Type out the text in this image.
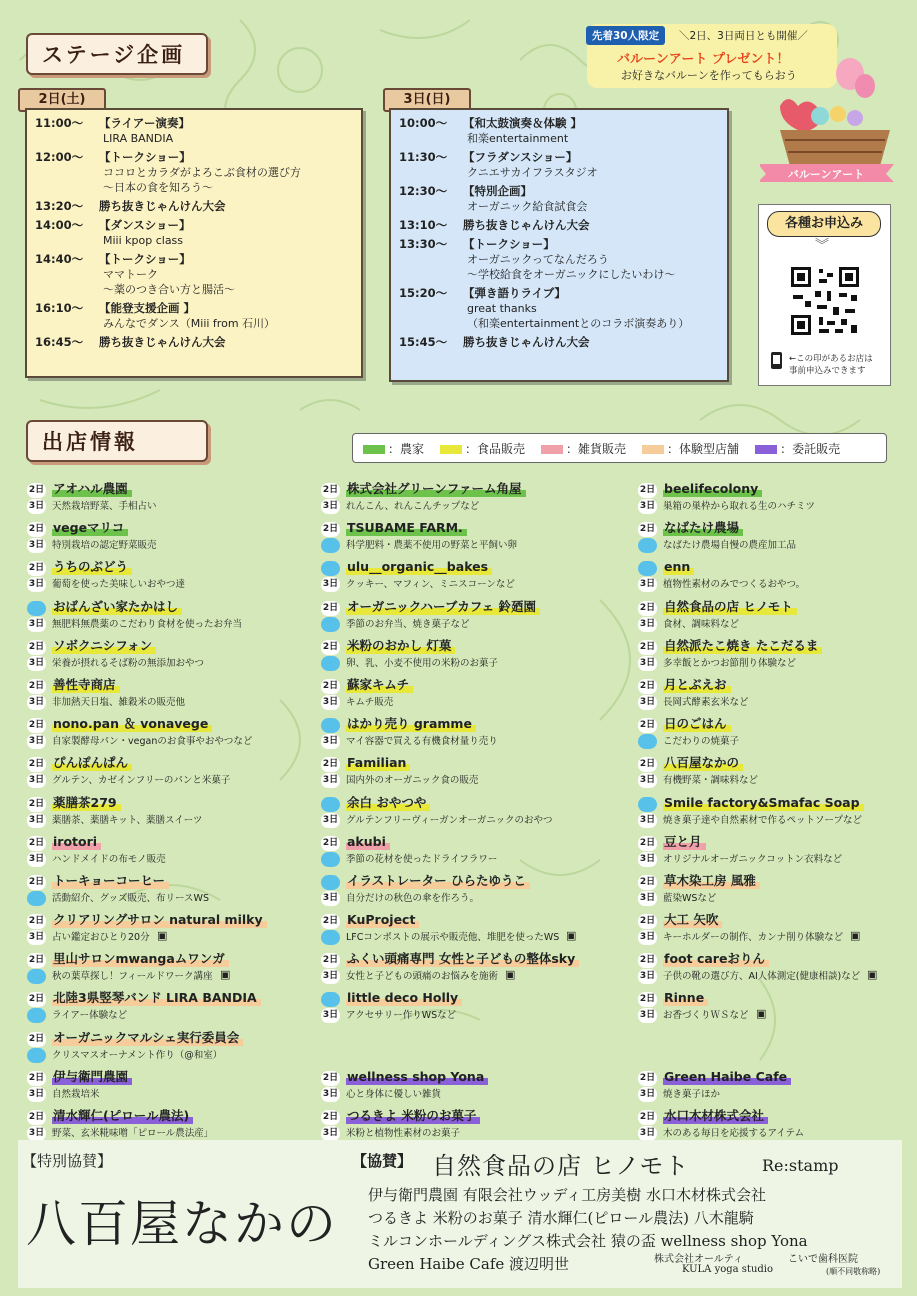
ステージ企画
2日(土)
11:00〜	【ライアー演奏】
LIRA BANDIA
12:00〜	【トークショー】
ココロとカラダがよろこぶ食材の選び方
〜日本の食を知ろう〜
13:20〜	勝ち抜きじゃんけん大会
14:00〜	【ダンスショー】
Miii kpop class
14:40〜	【トークショー】
ママトーク
〜薬のつき合い方と腸活〜
16:10〜	【能登支援企画 】
みんなでダンス（Miii from 石川）
16:45〜	勝ち抜きじゃんけん大会
3日(日)
10:00〜	【和太鼓演奏＆体験 】
和楽entertainment
11:30〜	【フラダンスショー】
クニエサカイフラスタジオ
12:30〜	【特別企画】
オーガニック給食試食会
13:10〜	勝ち抜きじゃんけん大会
13:30〜	【トークショー】
オーガニックってなんだろう
〜学校給食をオーガニックにしたいわけ〜
15:20〜	【弾き語りライブ】
great thanks
（和楽entertainmentとのコラボ演奏あり）
15:45〜	勝ち抜きじゃんけん大会
先着30人限定	＼2日、3日両日とも開催／
バルーンアート プレゼント！
お好きなバルーンを作ってもらおう
バルーンアート
各種お申込み
︾
←この印があるお店は
事前申込みできます
出店情報	：農家	：食品販売	：雑貨販売	：体験型店舗	：委託販売
2日
3日
アオハル農園
天然栽培野菜、手相占い
2日
3日
vegeマリコ
特別栽培の認定野菜販売
2日
3日
うちのぶどう
葡萄を使った美味しいおやつ達
3日
おばんざい家たかはし
無肥料無農薬のこだわり食材を使ったお弁当
2日
3日
ソボクニシフォン
栄養が摂れるそば粉の無添加おやつ
2日
3日
善性寺商店
非加熱天日塩、雑穀米の販売他
2日
3日
nono.pan ＆ vonavege
自家製酵母パン・veganのお食事やおやつなど
2日
3日
ぴんぽんぱん
グルテン、カゼインフリーのパンと米菓子
2日
3日
薬膳茶279
薬膳茶、薬膳キット、薬膳スイーツ
2日
3日
irotori
ハンドメイドの布モノ販売
2日 トーキョーコーヒー
活動紹介、グッズ販売、布リースWS
2日
3日
クリアリングサロン natural milky
占い鑑定おひとり20分 ▣
2日 里山サロンmwangaムワンガ
秋の葉草探し！フィールドワーク講座 ▣
2日 北陸3県竪琴バンド LIRA BANDIA
ライアー体験など
2日 オーガニックマルシェ実行委員会
クリスマスオーナメント作り（@和室）
2日
3日
伊与衛門農園
自然栽培米
2日
3日
清水輝仁(ピロール農法)
野菜、玄米糀味噌「ピロール農法産」
2日
3日
株式会社グリーンファーム角屋
れんこん、れんこんチップなど
2日 TSUBAME FARM.
科学肥料・農薬不使用の野菜と平飼い卵
3日
ulu__organic__bakes
クッキー、マフィン、ミニスコーンなど
2日 オーガニックハーブカフェ 鈴廼園
季節のお弁当、焼き菓子など
2日 米粉のおかし 灯菓
卵、乳、小麦不使用の米粉のお菓子
2日
3日
蘇家キムチ
キムチ販売
3日
はかり売り gramme
マイ容器で買える有機食材量り売り
2日
3日
Familian
国内外のオーガニック食の販売
3日
余白 おやつや
グルテンフリーヴィーガンオーガニックのおやつ
2日 akubi
季節の花材を使ったドライフラワー
3日
イラストレーター ひらたゆうこ
自分だけの秋色の傘を作ろう。
2日 KuProject
LFCコンポストの展示や販売他、堆肥を使ったWS ▣
2日
3日
ふくい頭痛専門 女性と子どもの整体sky
女性と子どもの頭痛のお悩みを施術 ▣
3日
little deco Holly
アクセサリー作りWSなど
2日
3日
wellness shop Yona
心と身体に優しい雑貨
2日
3日
つるきよ 米粉のお菓子
米粉と植物性素材のお菓子
2日
3日
beelifecolony
巣箱の巣枠から取れる生のハチミツ
2日 なばたけ農場
なばたけ農場自慢の農産加工品
3日
enn
植物性素材のみでつくるおやつ。
2日
3日
自然食品の店 ヒノモト
食材、調味料など
2日
3日
自然派たこ焼き たこだるま
多幸飯とかつお節削り体験など
2日
3日
月とぶえお
長岡式酵素玄米など
2日 日のごはん
こだわりの焼菓子
2日
3日
八百屋なかの
有機野菜・調味料など
3日
Smile factory&Smafac Soap
焼き菓子達や自然素材で作るペットソープなど
2日
3日
豆と月
オリジナルオーガニックコットン衣料など
2日
3日
草木染工房 風雅
藍染WSなど
2日
3日
大工 矢吹
キーホルダーの制作、カンナ削り体験など ▣
2日
3日
foot careおりん
子供の靴の選び方、AI人体測定(健康相談)など ▣
2日
3日
Rinne
お香づくりＷＳなど ▣
2日
3日
Green Haibe Cafe
焼き菓子ほか
2日
3日
水口木材株式会社
木のある毎日を応援するアイテム
【特別協賛】
八百屋なかの
【協賛】 自然食品の店 ヒノモト	Re:stamp
伊与衛門農園 有限会社ウッディ工房美樹 水口木材株式会社
つるきよ 米粉のお菓子 清水輝仁(ピロール農法) 八木龍騎
ミルコンホールディングス株式会社 猿の盃 wellness shop Yona
Green Haibe Cafe 渡辺明世	株式会社オールティ	こいで歯科医院
KULA yoga studio	(順不同敬称略)
